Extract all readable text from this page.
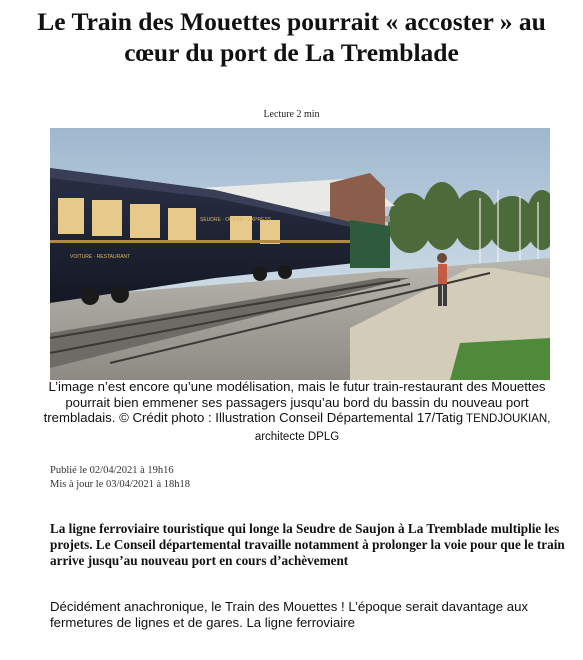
Le Train des Mouettes pourrait « accoster » au cœur du port de La Tremblade
Lecture 2 min
SEUDRE · OCÉAN · EXPRESS
VOITURE · RESTAURANT
L’image n’est encore qu’une modélisation, mais le futur train-restaurant des Mouettes pourrait bien emmener ses passagers jusqu’au bord du bassin du nouveau port trembladais. © Crédit photo : Illustration Conseil Départemental 17/Tatig TENDJOUKIAN, architecte DPLG
Publié le 02/04/2021 à 19h16
Mis à jour le 03/04/2021 à 18h18

La ligne ferroviaire touristique qui longe la Seudre de Saujon à La Tremblade multiplie les projets. Le Conseil départemental travaille notamment à prolonger la voie pour que le train arrive jusqu’au nouveau port en cours d’achèvement

Décidément anachronique, le Train des Mouettes ! L’époque serait davantage aux fermetures de lignes et de gares. La ligne ferroviaire
